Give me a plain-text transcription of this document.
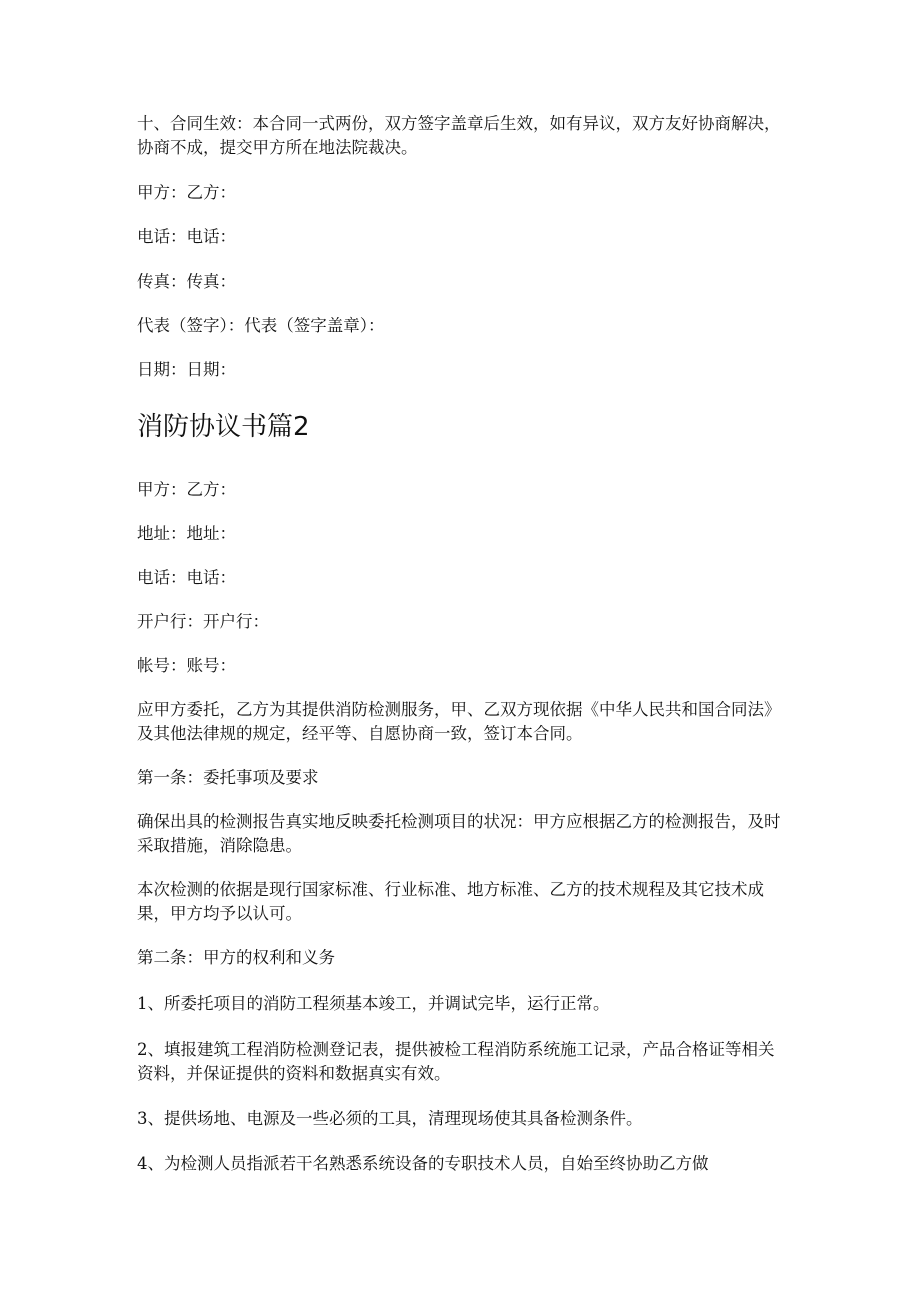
十、合同生效：本合同一式两份，双方签字盖章后生效，如有异议，双方友好协商解决，协商不成，提交甲方所在地法院裁决。

甲方：乙方：

电话：电话：

传真：传真：

代表（签字）：代表（签字盖章）：

日期：日期：

消防协议书篇2

甲方：乙方：

地址：地址：

电话：电话：

开户行：开户行：

帐号：账号：

应甲方委托，乙方为其提供消防检测服务，甲、乙双方现依据《中华人民共和国合同法》及其他法律规的规定，经平等、自愿协商一致，签订本合同。

第一条：委托事项及要求

确保出具的检测报告真实地反映委托检测项目的状况：甲方应根据乙方的检测报告，及时采取措施，消除隐患。

本次检测的依据是现行国家标准、行业标准、地方标准、乙方的技术规程及其它技术成果，甲方均予以认可。

第二条：甲方的权利和义务

1、所委托项目的消防工程须基本竣工，并调试完毕，运行正常。

2、填报建筑工程消防检测登记表，提供被检工程消防系统施工记录，产品合格证等相关资料，并保证提供的资料和数据真实有效。

3、提供场地、电源及一些必须的工具，清理现场使其具备检测条件。

4、为检测人员指派若干名熟悉系统设备的专职技术人员，自始至终协助乙方做
